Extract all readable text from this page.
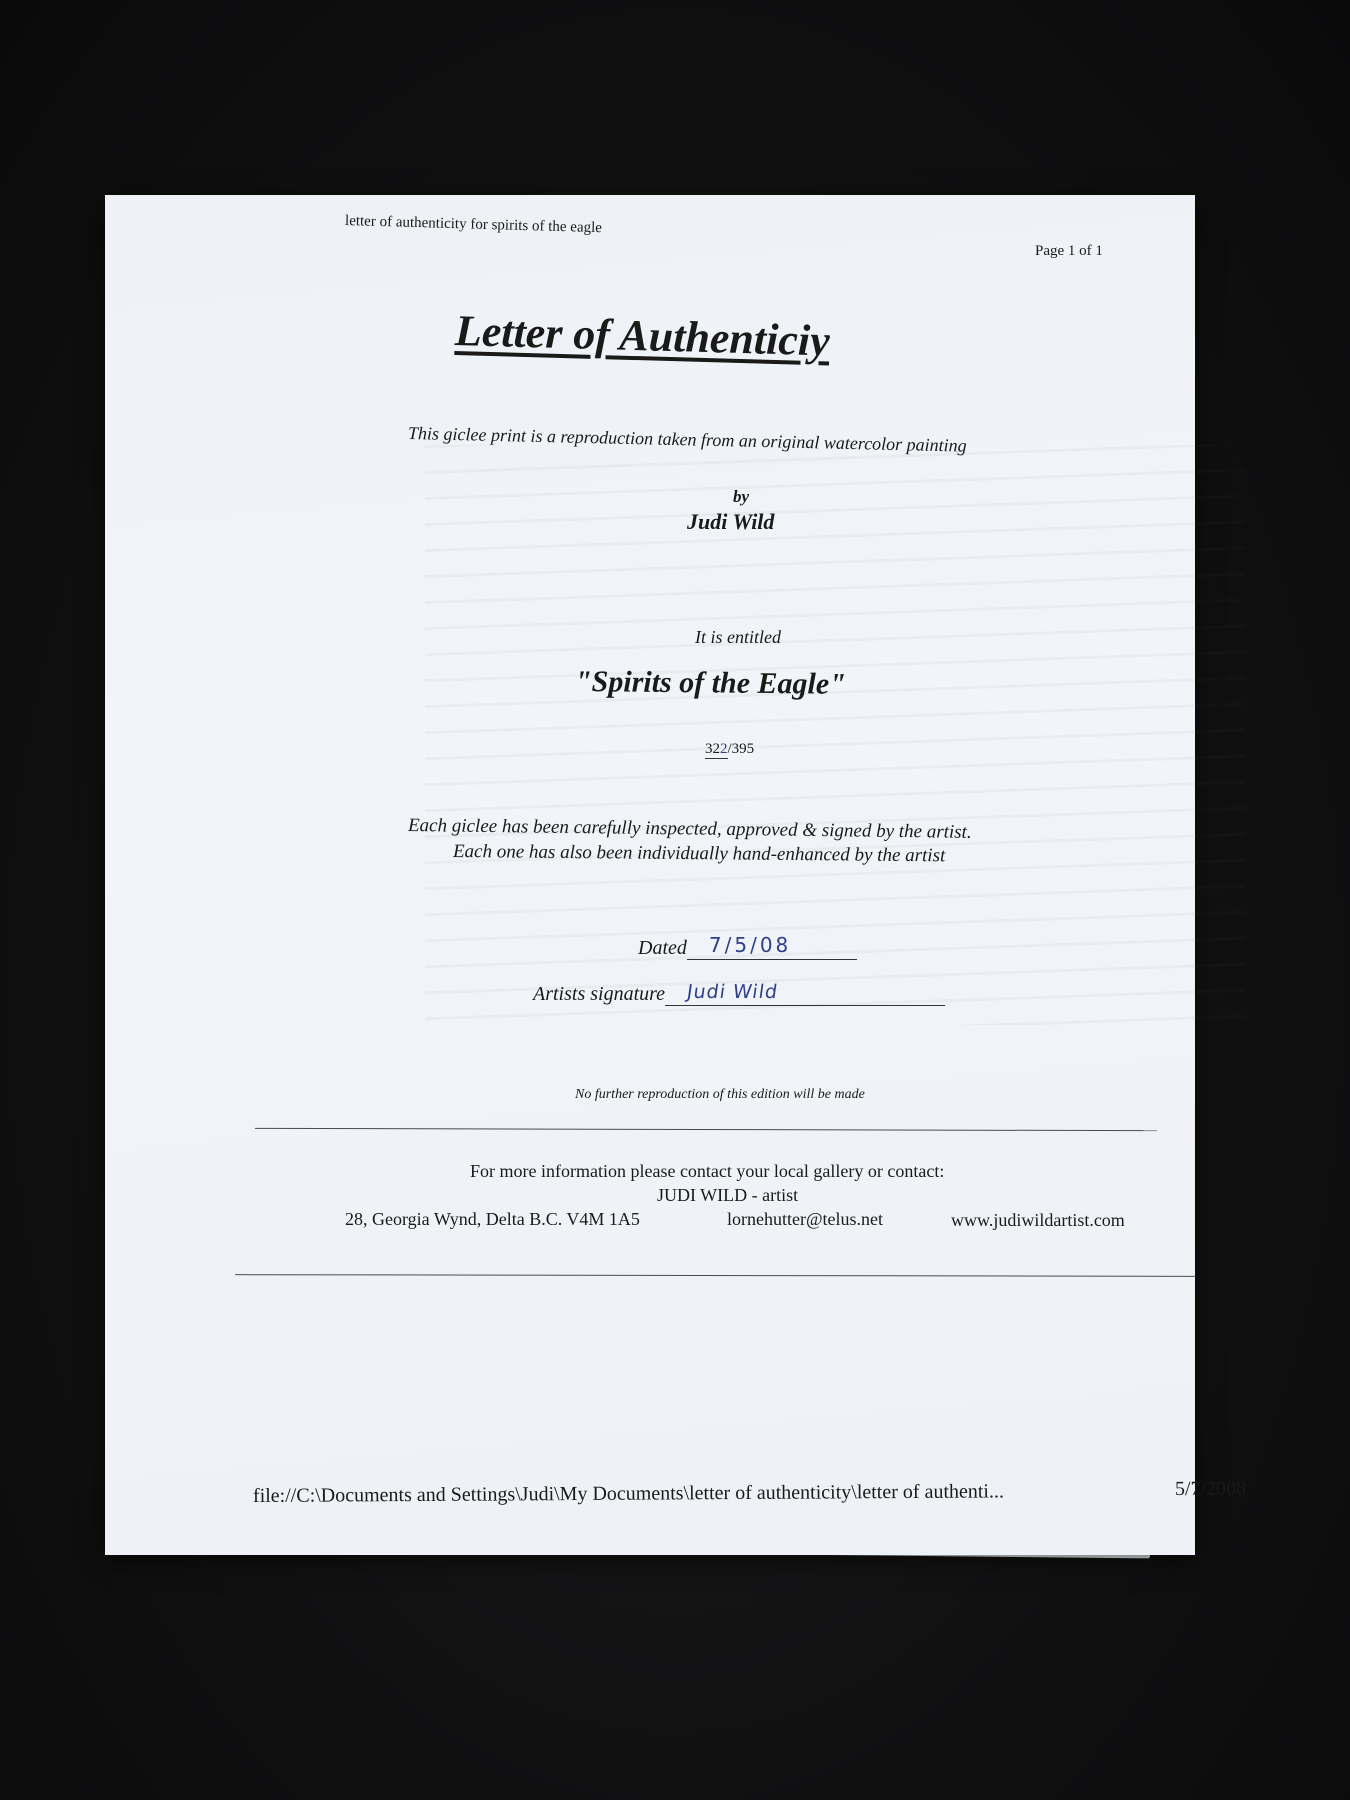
letter of authenticity for spirits of the eagle

Page 1 of 1

Letter of Authenticiy

This giclee print is a reproduction taken from an original watercolor painting

by

Judi Wild

It is entitled

"Spirits of the Eagle"

322/395

Each giclee has been carefully inspected, approved & signed by the artist.

Each one has also been individually hand-enhanced by the artist

Dated 7/5/08
Artists signature Judi Wild

No further reproduction of this edition will be made

For more information please contact your local gallery or contact:

JUDI WILD - artist

28, Georgia Wynd, Delta B.C. V4M 1A5	lornehutter@telus.net	www.judiwildartist.com

file://C:\Documents and Settings\Judi\My Documents\letter of authenticity\letter of authenti...	5/7/2008
